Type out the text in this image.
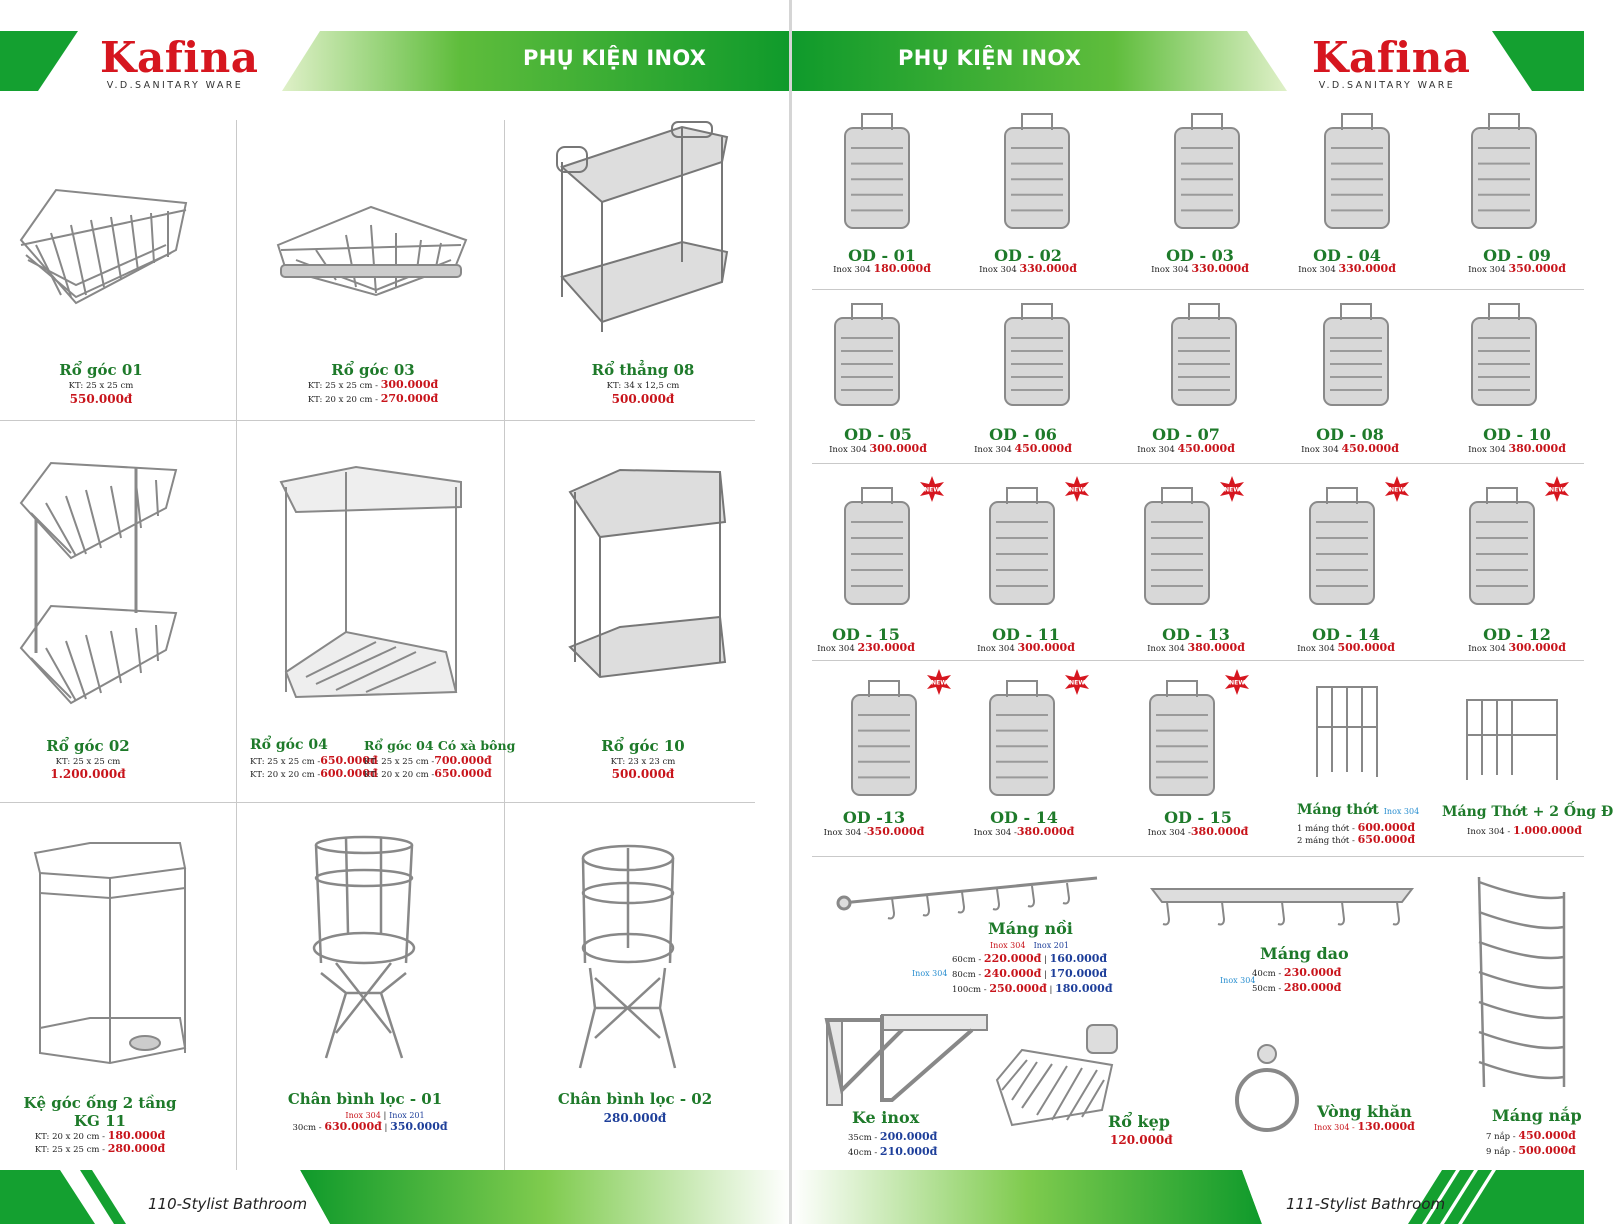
Kafina
V.D.SANITARY WARE
PHỤ KIỆN INOX
Rổ góc 01
KT: 25 x 25 cm
550.000đ
Rổ góc 03
KT: 25 x 25 cm - 300.000đ
KT: 20 x 20 cm - 270.000đ
Rổ thẳng 08
KT: 34 x 12,5 cm
500.000đ
Rổ góc 02
KT: 25 x 25 cm
1.200.000đ
Rổ góc 04
KT: 25 x 25 cm -650.000đ
KT: 20 x 20 cm -600.000đ
Rổ góc 04 Có xà bông
KT: 25 x 25 cm -700.000đ
KT: 20 x 20 cm -650.000đ
Rổ góc 10
KT: 23 x 23 cm
500.000đ
Kệ góc ống 2 tầng
KG 11
KT: 20 x 20 cm - 180.000đ
KT: 25 x 25 cm - 280.000đ
Chân bình lọc - 01
Inox 304 | Inox 201
30cm - 630.000đ | 350.000đ
Chân bình lọc - 02
280.000đ
110-Stylist Bathroom
PHỤ KIỆN INOX	Kafina
V.D.SANITARY WARE
NEW	NEW	NEW	NEW	NEW
NEW	NEW	NEW
OD - 01
Inox 304 180.000đ
OD - 02
Inox 304 330.000đ
OD - 03
Inox 304 330.000đ
OD - 04
Inox 304 330.000đ
OD - 09
Inox 304 350.000đ
OD - 05
Inox 304 300.000đ
OD - 06
Inox 304 450.000đ
OD - 07
Inox 304 450.000đ
OD - 08
Inox 304 450.000đ
OD - 10
Inox 304 380.000đ
OD - 15
Inox 304 230.000đ
OD - 11
Inox 304 300.000đ
OD - 13
Inox 304 380.000đ
OD - 14
Inox 304 500.000đ
OD - 12
Inox 304 300.000đ
OD -13
Inox 304 -350.000đ
OD - 14
Inox 304 -380.000đ
OD - 15
Inox 304 -380.000đ
Máng thớt Inox 304
1 máng thớt - 600.000đ
2 máng thớt - 650.000đ
Máng Thớt + 2 Ống Đ
Inox 304 - 1.000.000đ
Máng nồi
Inox 304 Inox 201
Inox 304
60cm - 220.000đ | 160.000đ
80cm - 240.000đ | 170.000đ
100cm - 250.000đ | 180.000đ
Máng dao
Inox 304
40cm - 230.000đ
50cm - 280.000đ
Ke inox
35cm - 200.000đ
40cm - 210.000đ
Rổ kẹp
120.000đ
Vòng khăn
Inox 304 - 130.000đ
Máng nắp
7 nắp - 450.000đ
9 nắp - 500.000đ
111-Stylist Bathroom
